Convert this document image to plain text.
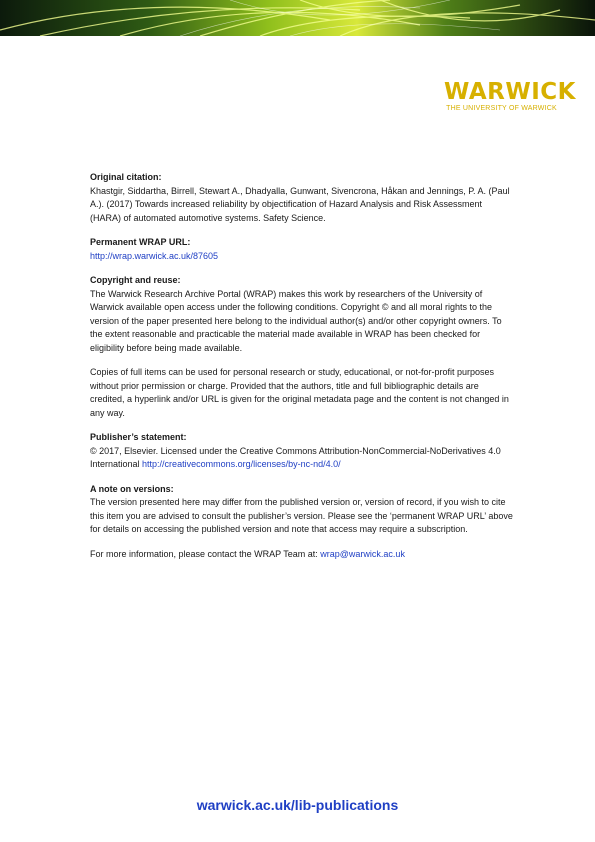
WARWICK
THE UNIVERSITY OF WARWICK
Original citation:

Khastgir, Siddartha, Birrell, Stewart A., Dhadyalla, Gunwant, Sivencrona, Håkan and Jennings, P. A. (Paul A.). (2017) Towards increased reliability by objectification of Hazard Analysis and Risk Assessment (HARA) of automated automotive systems. Safety Science.

Permanent WRAP URL:

http://wrap.warwick.ac.uk/87605

Copyright and reuse:

The Warwick Research Archive Portal (WRAP) makes this work by researchers of the University of Warwick available open access under the following conditions. Copyright © and all moral rights to the version of the paper presented here belong to the individual author(s) and/or other copyright owners. To the extent reasonable and practicable the material made available in WRAP has been checked for eligibility before being made available.

Copies of full items can be used for personal research or study, educational, or not-for-profit purposes without prior permission or charge. Provided that the authors, title and full bibliographic details are credited, a hyperlink and/or URL is given for the original metadata page and the content is not changed in any way.

Publisher’s statement:

© 2017, Elsevier. Licensed under the Creative Commons Attribution-NonCommercial-NoDerivatives 4.0 International http://creativecommons.org/licenses/by-nc-nd/4.0/

A note on versions:

The version presented here may differ from the published version or, version of record, if you wish to cite this item you are advised to consult the publisher’s version. Please see the ‘permanent WRAP URL’ above for details on accessing the published version and note that access may require a subscription.

For more information, please contact the WRAP Team at: wrap@warwick.ac.uk

warwick.ac.uk/lib-publications
